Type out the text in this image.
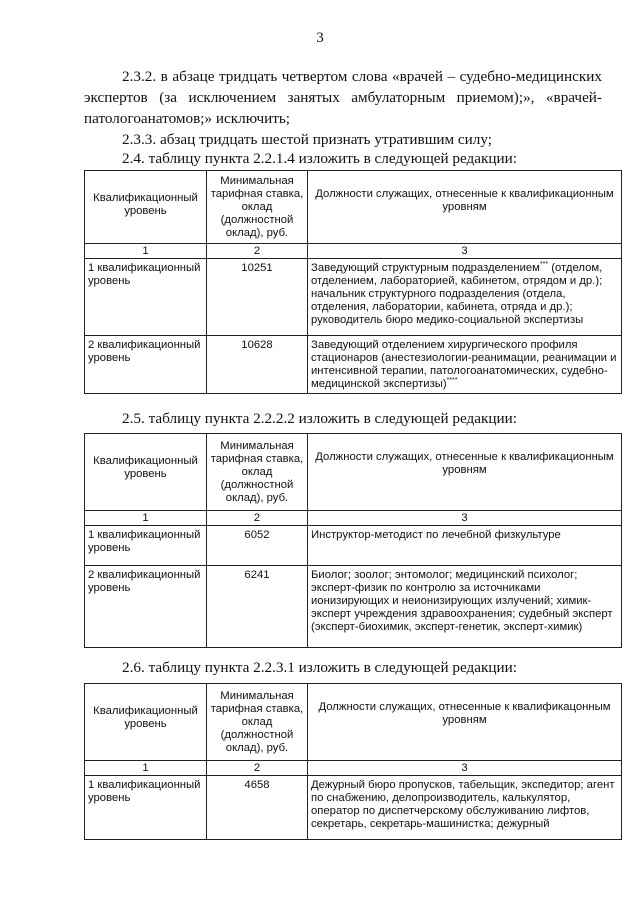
3
2.3.2. в абзаце тридцать четвертом слова «врачей – судебно-медицинских экспертов (за исключением занятых амбулаторным приемом);», «врачей-патологоанатомов;» исключить;
2.3.3. абзац тридцать шестой признать утратившим силу;
2.4. таблицу пункта 2.2.1.4 изложить в следующей редакции:
Квалификационный уровень	Минимальная тарифная ставка, оклад (должностной оклад), руб.	Должности служащих, отнесенные к квалификационным уровням
1	2	3
1 квалификационный уровень	10251	Заведующий структурным подразделением*** (отделом, отделением, лабораторией, кабинетом, отрядом и др.); начальник структурного подразделения (отдела, отделения, лаборатории, кабинета, отряда и др.); руководитель бюро медико-социальной экспертизы
2 квалификационный уровень	10628	Заведующий отделением хирургического профиля стационаров (анестезиологии-реанимации, реанимации и интенсивной терапии, патологоанатомических, судебно-медицинской экспертизы)****
2.5. таблицу пункта 2.2.2.2 изложить в следующей редакции:
Квалификационный уровень	Минимальная тарифная ставка, оклад (должностной оклад), руб.	Должности служащих, отнесенные к квалификационным уровням
1	2	3
1 квалификационный уровень	6052	Инструктор-методист по лечебной физкультуре
2 квалификационный уровень	6241	Биолог; зоолог; энтомолог; медицинский психолог; эксперт-физик по контролю за источниками ионизирующих и неионизирующих излучений; химик-эксперт учреждения здравоохранения; судебный эксперт (эксперт-биохимик, эксперт-генетик, эксперт-химик)
2.6. таблицу пункта 2.2.3.1 изложить в следующей редакции:
Квалификационный уровень	Минимальная тарифная ставка, оклад (должностной оклад), руб.	Должности служащих, отнесенные к квалификацонным уровням
1	2	3
1 квалификационный уровень	4658	Дежурный бюро пропусков, табельщик, экспедитор; агент по снабжению, делопроизводитель, калькулятор, оператор по диспетчерскому обслуживанию лифтов, секретарь, секретарь-машинистка; дежурный
